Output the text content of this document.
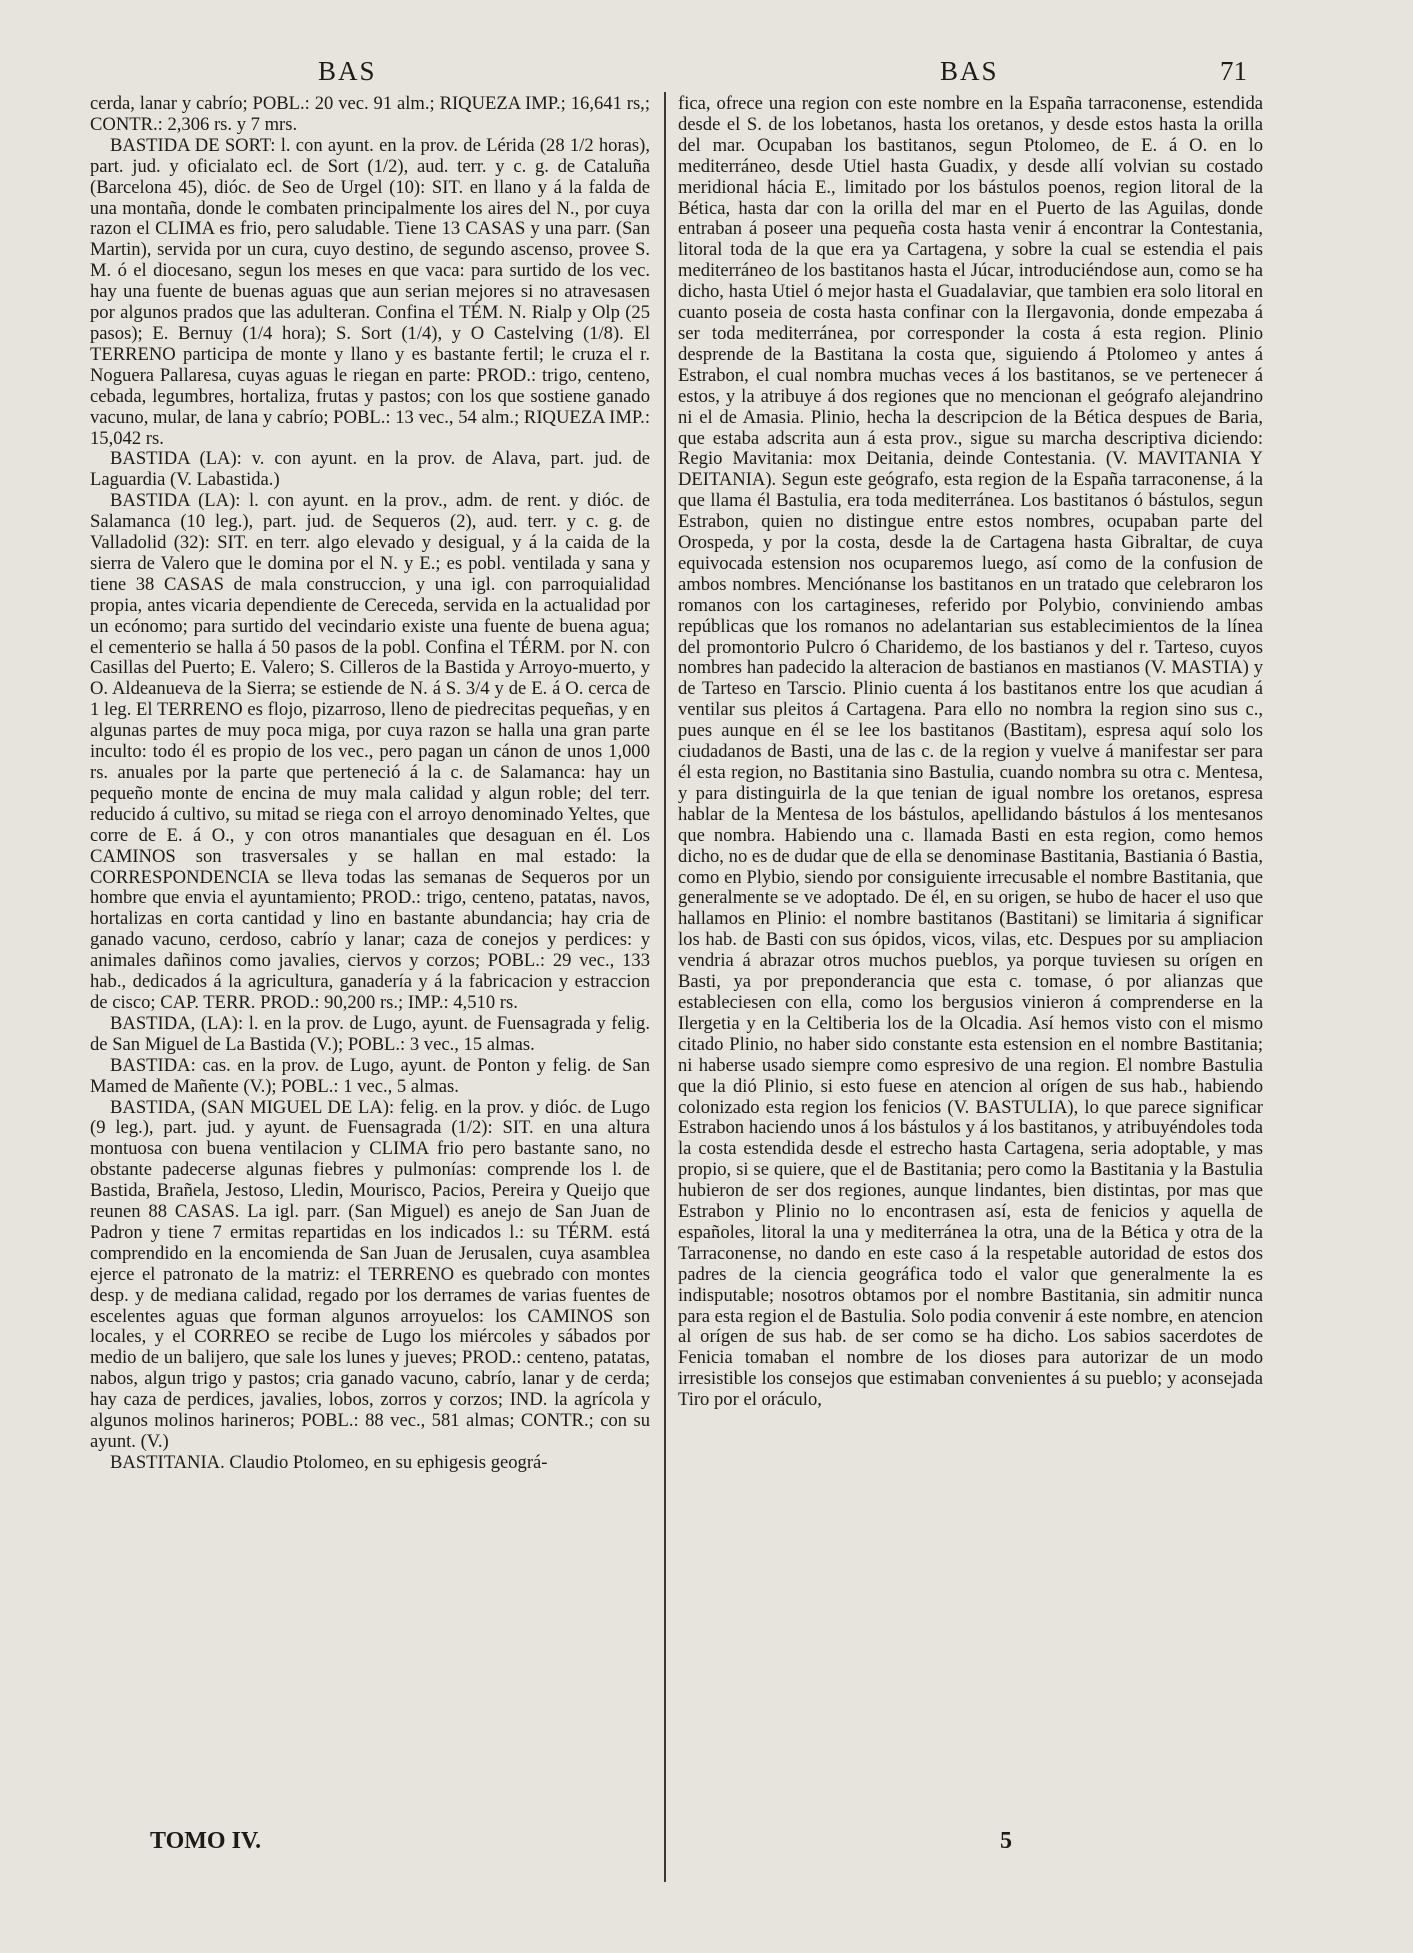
BAS	BAS	71

cerda, lanar y cabrío; POBL.: 20 vec. 91 alm.; RIQUEZA IMP.; 16,641 rs,; CONTR.: 2,306 rs. y 7 mrs.

BASTIDA DE SORT: l. con ayunt. en la prov. de Lérida (28 1/2 horas), part. jud. y oficialato ecl. de Sort (1/2), aud. terr. y c. g. de Cataluña (Barcelona 45), dióc. de Seo de Urgel (10): SIT. en llano y á la falda de una montaña, donde le combaten principalmente los aires del N., por cuya razon el CLIMA es frio, pero saludable. Tiene 13 CASAS y una parr. (San Martin), servida por un cura, cuyo destino, de segundo ascenso, provee S. M. ó el diocesano, segun los meses en que vaca: para surtido de los vec. hay una fuente de buenas aguas que aun serian mejores si no atravesasen por algunos prados que las adulteran. Confina el TÉM. N. Rialp y Olp (25 pasos); E. Bernuy (1/4 hora); S. Sort (1/4), y O Castelving (1/8). El TERRENO participa de monte y llano y es bastante fertil; le cruza el r. Noguera Pallaresa, cuyas aguas le riegan en parte: PROD.: trigo, centeno, cebada, legumbres, hortaliza, frutas y pastos; con los que sostiene ganado vacuno, mular, de lana y cabrío; POBL.: 13 vec., 54 alm.; RIQUEZA IMP.: 15,042 rs.

BASTIDA (LA): v. con ayunt. en la prov. de Alava, part. jud. de Laguardia (V. Labastida.)

BASTIDA (LA): l. con ayunt. en la prov., adm. de rent. y dióc. de Salamanca (10 leg.), part. jud. de Sequeros (2), aud. terr. y c. g. de Valladolid (32): SIT. en terr. algo elevado y desigual, y á la caida de la sierra de Valero que le domina por el N. y E.; es pobl. ventilada y sana y tiene 38 CASAS de mala construccion, y una igl. con parroquialidad propia, antes vicaria dependiente de Cereceda, servida en la actualidad por un ecónomo; para surtido del vecindario existe una fuente de buena agua; el cementerio se halla á 50 pasos de la pobl. Confina el TÉRM. por N. con Casillas del Puerto; E. Valero; S. Cilleros de la Bastida y Arroyo-muerto, y O. Aldeanueva de la Sierra; se estiende de N. á S. 3/4 y de E. á O. cerca de 1 leg. El TERRENO es flojo, pizarroso, lleno de piedrecitas pequeñas, y en algunas partes de muy poca miga, por cuya razon se halla una gran parte inculto: todo él es propio de los vec., pero pagan un cánon de unos 1,000 rs. anuales por la parte que perteneció á la c. de Salamanca: hay un pequeño monte de encina de muy mala calidad y algun roble; del terr. reducido á cultivo, su mitad se riega con el arroyo denominado Yeltes, que corre de E. á O., y con otros manantiales que desaguan en él. Los CAMINOS son trasversales y se hallan en mal estado: la CORRESPONDENCIA se lleva todas las semanas de Sequeros por un hombre que envia el ayuntamiento; PROD.: trigo, centeno, patatas, navos, hortalizas en corta cantidad y lino en bastante abundancia; hay cria de ganado vacuno, cerdoso, cabrío y lanar; caza de conejos y perdices: y animales dañinos como javalies, ciervos y corzos; POBL.: 29 vec., 133 hab., dedicados á la agricultura, ganadería y á la fabricacion y estraccion de cisco; CAP. TERR. PROD.: 90,200 rs.; IMP.: 4,510 rs.

BASTIDA, (LA): l. en la prov. de Lugo, ayunt. de Fuensagrada y felig. de San Miguel de La Bastida (V.); POBL.: 3 vec., 15 almas.

BASTIDA: cas. en la prov. de Lugo, ayunt. de Ponton y felig. de San Mamed de Mañente (V.); POBL.: 1 vec., 5 almas.

BASTIDA, (SAN MIGUEL DE LA): felig. en la prov. y dióc. de Lugo (9 leg.), part. jud. y ayunt. de Fuensagrada (1/2): SIT. en una altura montuosa con buena ventilacion y CLIMA frio pero bastante sano, no obstante padecerse algunas fiebres y pulmonías: comprende los l. de Bastida, Brañela, Jestoso, Lledin, Mourisco, Pacios, Pereira y Queijo que reunen 88 CASAS. La igl. parr. (San Miguel) es anejo de San Juan de Padron y tiene 7 ermitas repartidas en los indicados l.: su TÉRM. está comprendido en la encomienda de San Juan de Jerusalen, cuya asamblea ejerce el patronato de la matriz: el TERRENO es quebrado con montes desp. y de mediana calidad, regado por los derrames de varias fuentes de escelentes aguas que forman algunos arroyuelos: los CAMINOS son locales, y el CORREO se recibe de Lugo los miércoles y sábados por medio de un balijero, que sale los lunes y jueves; PROD.: centeno, patatas, nabos, algun trigo y pastos; cria ganado vacuno, cabrío, lanar y de cerda; hay caza de perdices, javalies, lobos, zorros y corzos; IND. la agrícola y algunos molinos harineros; POBL.: 88 vec., 581 almas; CONTR.; con su ayunt. (V.)

BASTITANIA. Claudio Ptolomeo, en su ephigesis geográ-

fica, ofrece una region con este nombre en la España tarraconense, estendida desde el S. de los lobetanos, hasta los oretanos, y desde estos hasta la orilla del mar. Ocupaban los bastitanos, segun Ptolomeo, de E. á O. en lo mediterráneo, desde Utiel hasta Guadix, y desde allí volvian su costado meridional hácia E., limitado por los bástulos poenos, region litoral de la Bética, hasta dar con la orilla del mar en el Puerto de las Aguilas, donde entraban á poseer una pequeña costa hasta venir á encontrar la Contestania, litoral toda de la que era ya Cartagena, y sobre la cual se estendia el pais mediterráneo de los bastitanos hasta el Júcar, introduciéndose aun, como se ha dicho, hasta Utiel ó mejor hasta el Guadalaviar, que tambien era solo litoral en cuanto poseia de costa hasta confinar con la Ilergavonia, donde empezaba á ser toda mediterránea, por corresponder la costa á esta region. Plinio desprende de la Bastitana la costa que, siguiendo á Ptolomeo y antes á Estrabon, el cual nombra muchas veces á los bastitanos, se ve pertenecer á estos, y la atribuye á dos regiones que no mencionan el geógrafo alejandrino ni el de Amasia. Plinio, hecha la descripcion de la Bética despues de Baria, que estaba adscrita aun á esta prov., sigue su marcha descriptiva diciendo: Regio Mavitania: mox Deitania, deinde Contestania. (V. MAVITANIA Y DEITANIA). Segun este geógrafo, esta region de la España tarraconense, á la que llama él Bastulia, era toda mediterránea. Los bastitanos ó bástulos, segun Estrabon, quien no distingue entre estos nombres, ocupaban parte del Orospeda, y por la costa, desde la de Cartagena hasta Gibraltar, de cuya equivocada estension nos ocuparemos luego, así como de la confusion de ambos nombres. Menciónanse los bastitanos en un tratado que celebraron los romanos con los cartagineses, referido por Polybio, conviniendo ambas repúblicas que los romanos no adelantarian sus establecimientos de la línea del promontorio Pulcro ó Charidemo, de los bastianos y del r. Tarteso, cuyos nombres han padecido la alteracion de bastianos en mastianos (V. MASTIA) y de Tarteso en Tarscio. Plinio cuenta á los bastitanos entre los que acudian á ventilar sus pleitos á Cartagena. Para ello no nombra la region sino sus c., pues aunque en él se lee los bastitanos (Bastitam), espresa aquí solo los ciudadanos de Basti, una de las c. de la region y vuelve á manifestar ser para él esta region, no Bastitania sino Bastulia, cuando nombra su otra c. Mentesa, y para distinguirla de la que tenian de igual nombre los oretanos, espresa hablar de la Mentesa de los bástulos, apellidando bástulos á los mentesanos que nombra. Habiendo una c. llamada Basti en esta region, como hemos dicho, no es de dudar que de ella se denominase Bastitania, Bastiania ó Bastia, como en Plybio, siendo por consiguiente irrecusable el nombre Bastitania, que generalmente se ve adoptado. De él, en su origen, se hubo de hacer el uso que hallamos en Plinio: el nombre bastitanos (Bastitani) se limitaria á significar los hab. de Basti con sus ópidos, vicos, vilas, etc. Despues por su ampliacion vendria á abrazar otros muchos pueblos, ya porque tuviesen su orígen en Basti, ya por preponderancia que esta c. tomase, ó por alianzas que estableciesen con ella, como los bergusios vinieron á comprenderse en la Ilergetia y en la Celtiberia los de la Olcadia. Así hemos visto con el mismo citado Plinio, no haber sido constante esta estension en el nombre Bastitania; ni haberse usado siempre como espresivo de una region. El nombre Bastulia que la dió Plinio, si esto fuese en atencion al orígen de sus hab., habiendo colonizado esta region los fenicios (V. BASTULIA), lo que parece significar Estrabon haciendo unos á los bástulos y á los bastitanos, y atribuyéndoles toda la costa estendida desde el estrecho hasta Cartagena, seria adoptable, y mas propio, si se quiere, que el de Bastitania; pero como la Bastitania y la Bastulia hubieron de ser dos regiones, aunque lindantes, bien distintas, por mas que Estrabon y Plinio no lo encontrasen así, esta de fenicios y aquella de españoles, litoral la una y mediterránea la otra, una de la Bética y otra de la Tarraconense, no dando en este caso á la respetable autoridad de estos dos padres de la ciencia geográfica todo el valor que generalmente la es indisputable; nosotros obtamos por el nombre Bastitania, sin admitir nunca para esta region el de Bastulia. Solo podia convenir á este nombre, en atencion al orígen de sus hab. de ser como se ha dicho. Los sabios sacerdotes de Fenicia tomaban el nombre de los dioses para autorizar de un modo irresistible los consejos que estimaban convenientes á su pueblo; y aconsejada Tiro por el oráculo,

TOMO IV.	5
